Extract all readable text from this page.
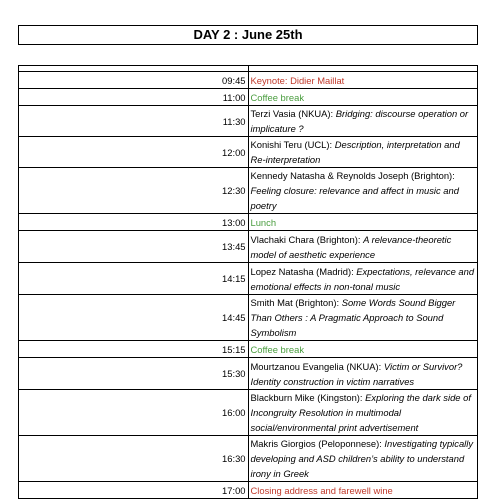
DAY 2 : June 25th

09:45	Keynote: Didier Maillat
11:00	Coffee break
11:30	Terzi Vasia (NKUA): Bridging: discourse operation or implicature ?
12:00	Konishi Teru (UCL): Description, interpretation and Re-interpretation
12:30	Kennedy Natasha & Reynolds Joseph (Brighton): Feeling closure: relevance and affect in music and poetry
13:00	Lunch
13:45	Vlachaki Chara (Brighton): A relevance-theoretic model of aesthetic experience
14:15	Lopez Natasha (Madrid): Expectations, relevance and emotional effects in non-tonal music
14:45	Smith Mat (Brighton): Some Words Sound Bigger Than Others : A Pragmatic Approach to Sound Symbolism
15:15	Coffee break
15:30	Mourtzanou Evangelia (NKUA): Victim or Survivor? Identity construction in victim narratives
16:00	Blackburn Mike (Kingston): Exploring the dark side of Incongruity Resolution in multimodal social/environmental print advertisement
16:30	Makris Giorgios (Peloponnese): Investigating typically developing and ASD children’s ability to understand irony in Greek
17:00	Closing address and farewell wine
